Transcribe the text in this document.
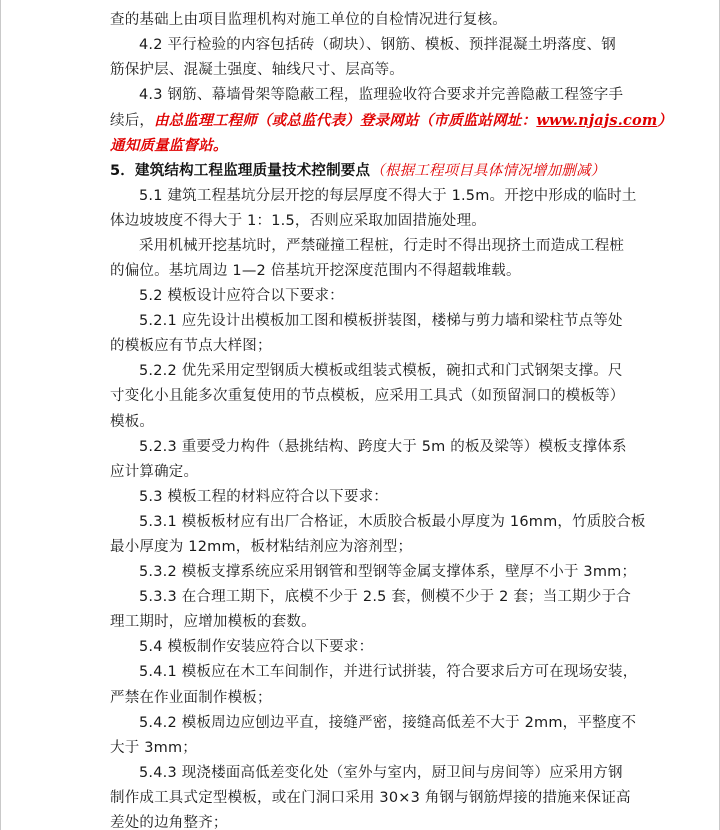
查的基础上由项目监理机构对施工单位的自检情况进行复核。
4.2 平行检验的内容包括砖（砌块）、钢筋、模板、预拌混凝土坍落度、钢
筋保护层、混凝土强度、轴线尺寸、层高等。
4.3 钢筋、幕墙骨架等隐蔽工程，监理验收符合要求并完善隐蔽工程签字手
续后，由总监理工程师（或总监代表）登录网站（市质监站网址：www.njajs.com）
通知质量监督站。
5．建筑结构工程监理质量技术控制要点（根据工程项目具体情况增加删减）
5.1 建筑工程基坑分层开挖的每层厚度不得大于 1.5m。开挖中形成的临时土
体边坡坡度不得大于 1：1.5，否则应采取加固措施处理。
采用机械开挖基坑时，严禁碰撞工程桩，行走时不得出现挤土而造成工程桩
的偏位。基坑周边 1—2 倍基坑开挖深度范围内不得超载堆载。
5.2 模板设计应符合以下要求：
5.2.1 应先设计出模板加工图和模板拼装图，楼梯与剪力墙和梁柱节点等处
的模板应有节点大样图；
5.2.2 优先采用定型钢质大模板或组装式模板，碗扣式和门式钢架支撑。尺
寸变化小且能多次重复使用的节点模板，应采用工具式（如预留洞口的模板等）
模板。
5.2.3 重要受力构件（悬挑结构、跨度大于 5m 的板及梁等）模板支撑体系
应计算确定。
5.3 模板工程的材料应符合以下要求：
5.3.1 模板板材应有出厂合格证，木质胶合板最小厚度为 16mm，竹质胶合板
最小厚度为 12mm，板材粘结剂应为溶剂型；
5.3.2 模板支撑系统应采用钢管和型钢等金属支撑体系，壁厚不小于 3mm；
5.3.3 在合理工期下，底模不少于 2.5 套，侧模不少于 2 套；当工期少于合
理工期时，应增加模板的套数。
5.4 模板制作安装应符合以下要求：
5.4.1 模板应在木工车间制作，并进行试拼装，符合要求后方可在现场安装，
严禁在作业面制作模板；
5.4.2 模板周边应刨边平直，接缝严密，接缝高低差不大于 2mm，平整度不
大于 3mm；
5.4.3 现浇楼面高低差变化处（室外与室内，厨卫间与房间等）应采用方钢
制作成工具式定型模板，或在门洞口采用 30×3 角钢与钢筋焊接的措施来保证高
差处的边角整齐；
